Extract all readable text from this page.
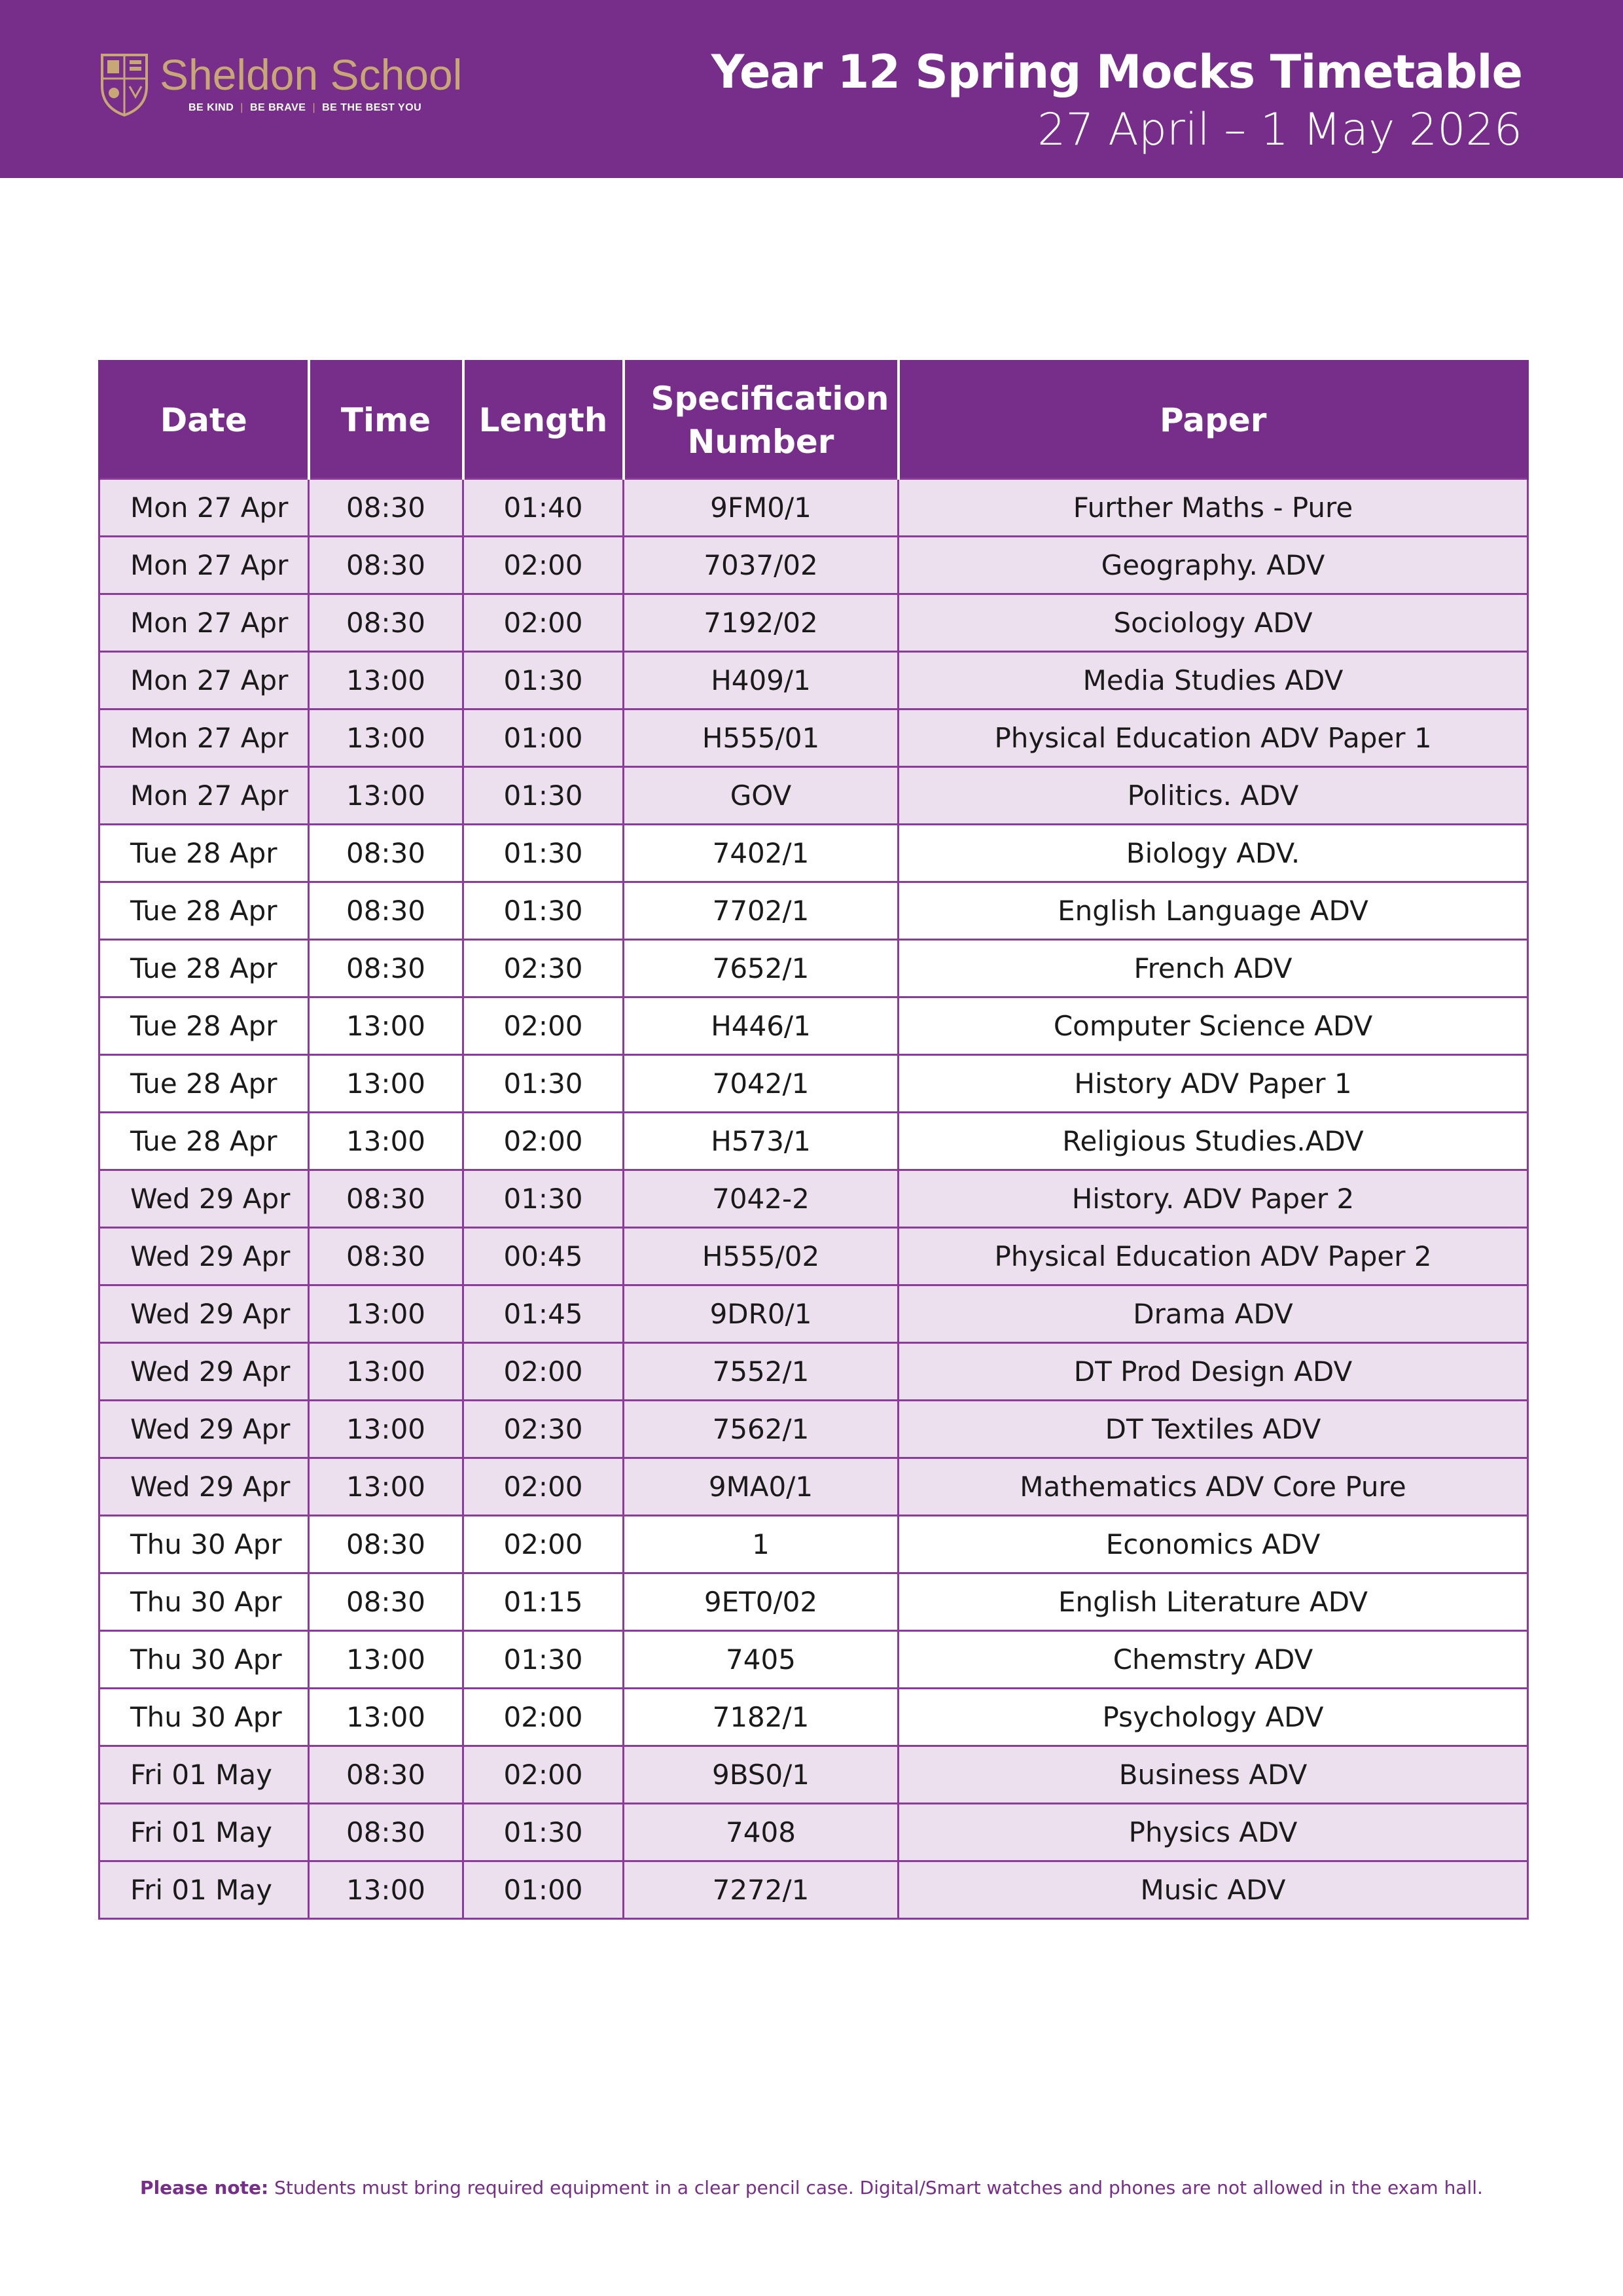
Sheldon School
BE KIND | BE BRAVE | BE THE BEST YOU
Year 12 Spring Mocks Timetable
27 April – 1 May 2026
Date	Time	Length	Specification Number	Paper
Mon 27 Apr	08:30	01:40	9FM0/1	Further Maths - Pure
Mon 27 Apr	08:30	02:00	7037/02	Geography. ADV
Mon 27 Apr	08:30	02:00	7192/02	Sociology ADV
Mon 27 Apr	13:00	01:30	H409/1	Media Studies ADV
Mon 27 Apr	13:00	01:00	H555/01	Physical Education ADV Paper 1
Mon 27 Apr	13:00	01:30	GOV	Politics. ADV
Tue 28 Apr	08:30	01:30	7402/1	Biology ADV.
Tue 28 Apr	08:30	01:30	7702/1	English Language ADV
Tue 28 Apr	08:30	02:30	7652/1	French ADV
Tue 28 Apr	13:00	02:00	H446/1	Computer Science ADV
Tue 28 Apr	13:00	01:30	7042/1	History ADV Paper 1
Tue 28 Apr	13:00	02:00	H573/1	Religious Studies.ADV
Wed 29 Apr	08:30	01:30	7042-2	History. ADV Paper 2
Wed 29 Apr	08:30	00:45	H555/02	Physical Education ADV Paper 2
Wed 29 Apr	13:00	01:45	9DR0/1	Drama ADV
Wed 29 Apr	13:00	02:00	7552/1	DT Prod Design ADV
Wed 29 Apr	13:00	02:30	7562/1	DT Textiles ADV
Wed 29 Apr	13:00	02:00	9MA0/1	Mathematics ADV Core Pure
Thu 30 Apr	08:30	02:00	1	Economics ADV
Thu 30 Apr	08:30	01:15	9ET0/02	English Literature ADV
Thu 30 Apr	13:00	01:30	7405	Chemstry ADV
Thu 30 Apr	13:00	02:00	7182/1	Psychology ADV
Fri 01 May	08:30	02:00	9BS0/1	Business ADV
Fri 01 May	08:30	01:30	7408	Physics ADV
Fri 01 May	13:00	01:00	7272/1	Music ADV
Please note: Students must bring required equipment in a clear pencil case. Digital/Smart watches and phones are not allowed in the exam hall.
